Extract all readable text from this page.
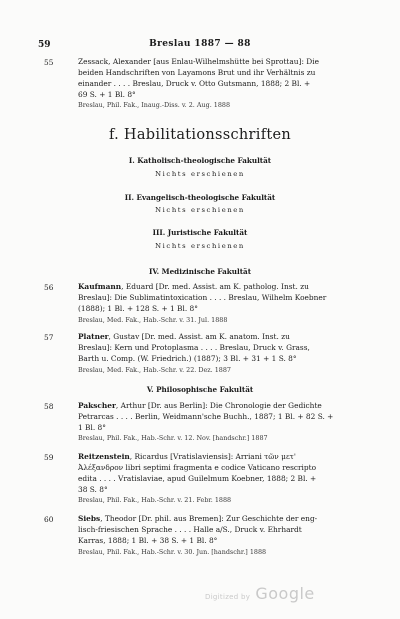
59	Breslau 1887 — 88
55	Zessack, Alexander [aus Enlau-Wilhelmshütte bei Sprottau]: Die
beiden Handschriften von Layamons Brut und ihr Verhältnis zu
einander . . . . Breslau, Druck v. Otto Gutsmann, 1888; 2 Bl. +
69 S. + 1 Bl. 8°
Breslau, Phil. Fak., Inaug.-Diss. v. 2. Aug. 1888
f. Habilitationsschriften
I. Katholisch-theologische Fakultät
Nichts erschienen
II. Evangelisch-theologische Fakultät
Nichts erschienen
III. Juristische Fakultät
Nichts erschienen
IV. Medizinische Fakultät
56	Kaufmann, Eduard [Dr. med. Assist. am K. patholog. Inst. zu
Breslau]: Die Sublimatintoxication . . . . Breslau, Wilhelm Koebner
(1888); 1 Bl. + 128 S. + 1 Bl. 8°
Breslau, Med. Fak., Hab.-Schr. v. 31. Jul. 1888
57	Platner, Gustav [Dr. med. Assist. am K. anatom. Inst. zu
Breslau]: Kern und Protoplasma . . . . Breslau, Druck v. Grass,
Barth u. Comp. (W. Friedrich.) (1887); 3 Bl. + 31 + 1 S. 8°
Breslau, Med. Fak., Hab.-Schr. v. 22. Dez. 1887
V. Philosophische Fakultät
58	Pakscher, Arthur [Dr. aus Berlin]: Die Chronologie der Gedichte
Petrarcas . . . . Berlin, Weidmann'sche Buchh., 1887; 1 Bl. + 82 S. +
1 Bl. 8°
Breslau, Phil. Fak., Hab.-Schr. v. 12. Nov. [handschr.] 1887
59	Reitzenstein, Ricardus [Vratislaviensis]: Arriani τῶν μετ'
Ἀλέξανδρον libri septimi fragmenta e codice Vaticano rescripto
edita . . . . Vratislaviae, apud Guilelmum Koebner, 1888; 2 Bl. +
38 S. 8°
Breslau, Phil. Fak., Hab.-Schr. v. 21. Febr. 1888
60	Siebs, Theodor [Dr. phil. aus Bremen]: Zur Geschichte der eng-
lisch-friesischen Sprache . . . . Halle a/S., Druck v. Ehrhardt
Karras, 1888; 1 Bl. + 38 S. + 1 Bl. 8°
Breslau, Phil. Fak., Hab.-Schr. v. 30. Jun. [handschr.] 1888
Digitized by Google
